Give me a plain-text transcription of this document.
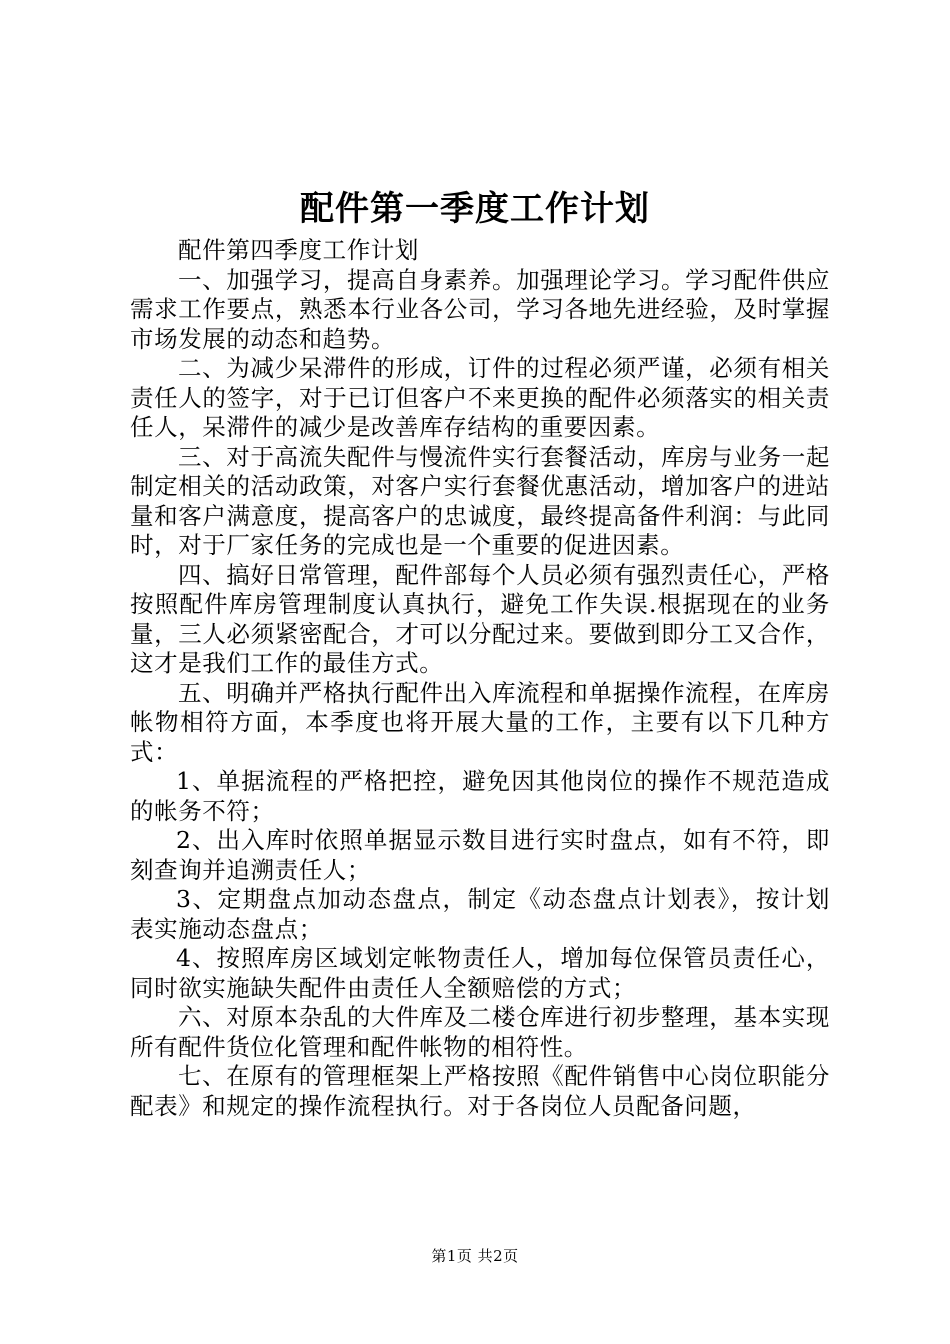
配件第一季度工作计划

配件第四季度工作计划

一、加强学习，提高自身素养。加强理论学习。学习配件供应需求工作要点，熟悉本行业各公司，学习各地先进经验，及时掌握市场发展的动态和趋势。

二、为减少呆滞件的形成，订件的过程必须严谨，必须有相关责任人的签字，对于已订但客户不来更换的配件必须落实的相关责任人，呆滞件的减少是改善库存结构的重要因素。

三、对于高流失配件与慢流件实行套餐活动，库房与业务一起制定相关的活动政策，对客户实行套餐优惠活动，增加客户的进站量和客户满意度，提高客户的忠诚度，最终提高备件利润：与此同时，对于厂家任务的完成也是一个重要的促进因素。

四、搞好日常管理，配件部每个人员必须有强烈责任心，严格按照配件库房管理制度认真执行，避免工作失误.根据现在的业务量，三人必须紧密配合，才可以分配过来。要做到即分工又合作，这才是我们工作的最佳方式。

五、明确并严格执行配件出入库流程和单据操作流程，在库房帐物相符方面，本季度也将开展大量的工作，主要有以下几种方式：

1、单据流程的严格把控，避免因其他岗位的操作不规范造成的帐务不符；

2、出入库时依照单据显示数目进行实时盘点，如有不符，即刻查询并追溯责任人；

3、定期盘点加动态盘点，制定《动态盘点计划表》，按计划表实施动态盘点；

4、按照库房区域划定帐物责任人，增加每位保管员责任心，同时欲实施缺失配件由责任人全额赔偿的方式；

六、对原本杂乱的大件库及二楼仓库进行初步整理，基本实现所有配件货位化管理和配件帐物的相符性。

七、在原有的管理框架上严格按照《配件销售中心岗位职能分配表》和规定的操作流程执行。对于各岗位人员配备问题，

第1页 共2页
